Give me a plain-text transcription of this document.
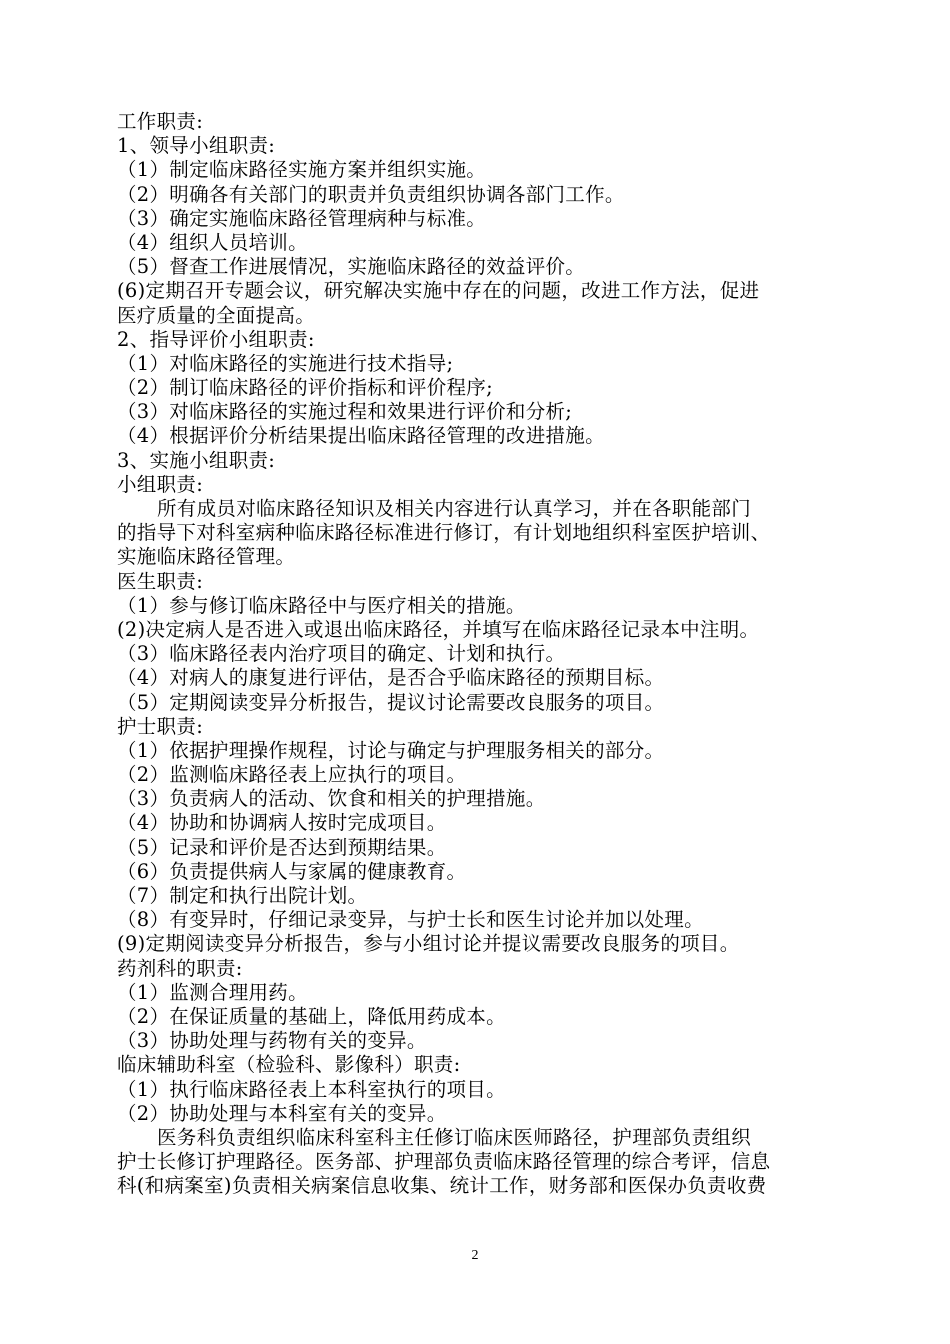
工作职责:
1、领导小组职责:
（1）制定临床路径实施方案并组织实施。
（2）明确各有关部门的职责并负责组织协调各部门工作。
（3）确定实施临床路径管理病种与标准。
（4）组织人员培训。
（5）督查工作进展情况，实施临床路径的效益评价。
(6)定期召开专题会议，研究解决实施中存在的问题，改进工作方法，促进
医疗质量的全面提高。
2、指导评价小组职责:
（1）对临床路径的实施进行技术指导;
（2）制订临床路径的评价指标和评价程序;
（3）对临床路径的实施过程和效果进行评价和分析;
（4）根据评价分析结果提出临床路径管理的改进措施。
3、实施小组职责:
小组职责:
所有成员对临床路径知识及相关内容进行认真学习，并在各职能部门
的指导下对科室病种临床路径标准进行修订，有计划地组织科室医护培训、
实施临床路径管理。
医生职责:
（1）参与修订临床路径中与医疗相关的措施。
(2)决定病人是否进入或退出临床路径，并填写在临床路径记录本中注明。
（3）临床路径表内治疗项目的确定、计划和执行。
（4）对病人的康复进行评估，是否合乎临床路径的预期目标。
（5）定期阅读变异分析报告，提议讨论需要改良服务的项目。
护士职责:
（1）依据护理操作规程，讨论与确定与护理服务相关的部分。
（2）监测临床路径表上应执行的项目。
（3）负责病人的活动、饮食和相关的护理措施。
（4）协助和协调病人按时完成项目。
（5）记录和评价是否达到预期结果。
（6）负责提供病人与家属的健康教育。
（7）制定和执行出院计划。
（8）有变异时，仔细记录变异，与护士长和医生讨论并加以处理。
(9)定期阅读变异分析报告，参与小组讨论并提议需要改良服务的项目。
药剂科的职责:
（1）监测合理用药。
（2）在保证质量的基础上，降低用药成本。
（3）协助处理与药物有关的变异。
临床辅助科室（检验科、影像科）职责:
（1）执行临床路径表上本科室执行的项目。
（2）协助处理与本科室有关的变异。
医务科负责组织临床科室科主任修订临床医师路径，护理部负责组织
护士长修订护理路径。医务部、护理部负责临床路径管理的综合考评，信息
科(和病案室)负责相关病案信息收集、统计工作，财务部和医保办负责收费
2
